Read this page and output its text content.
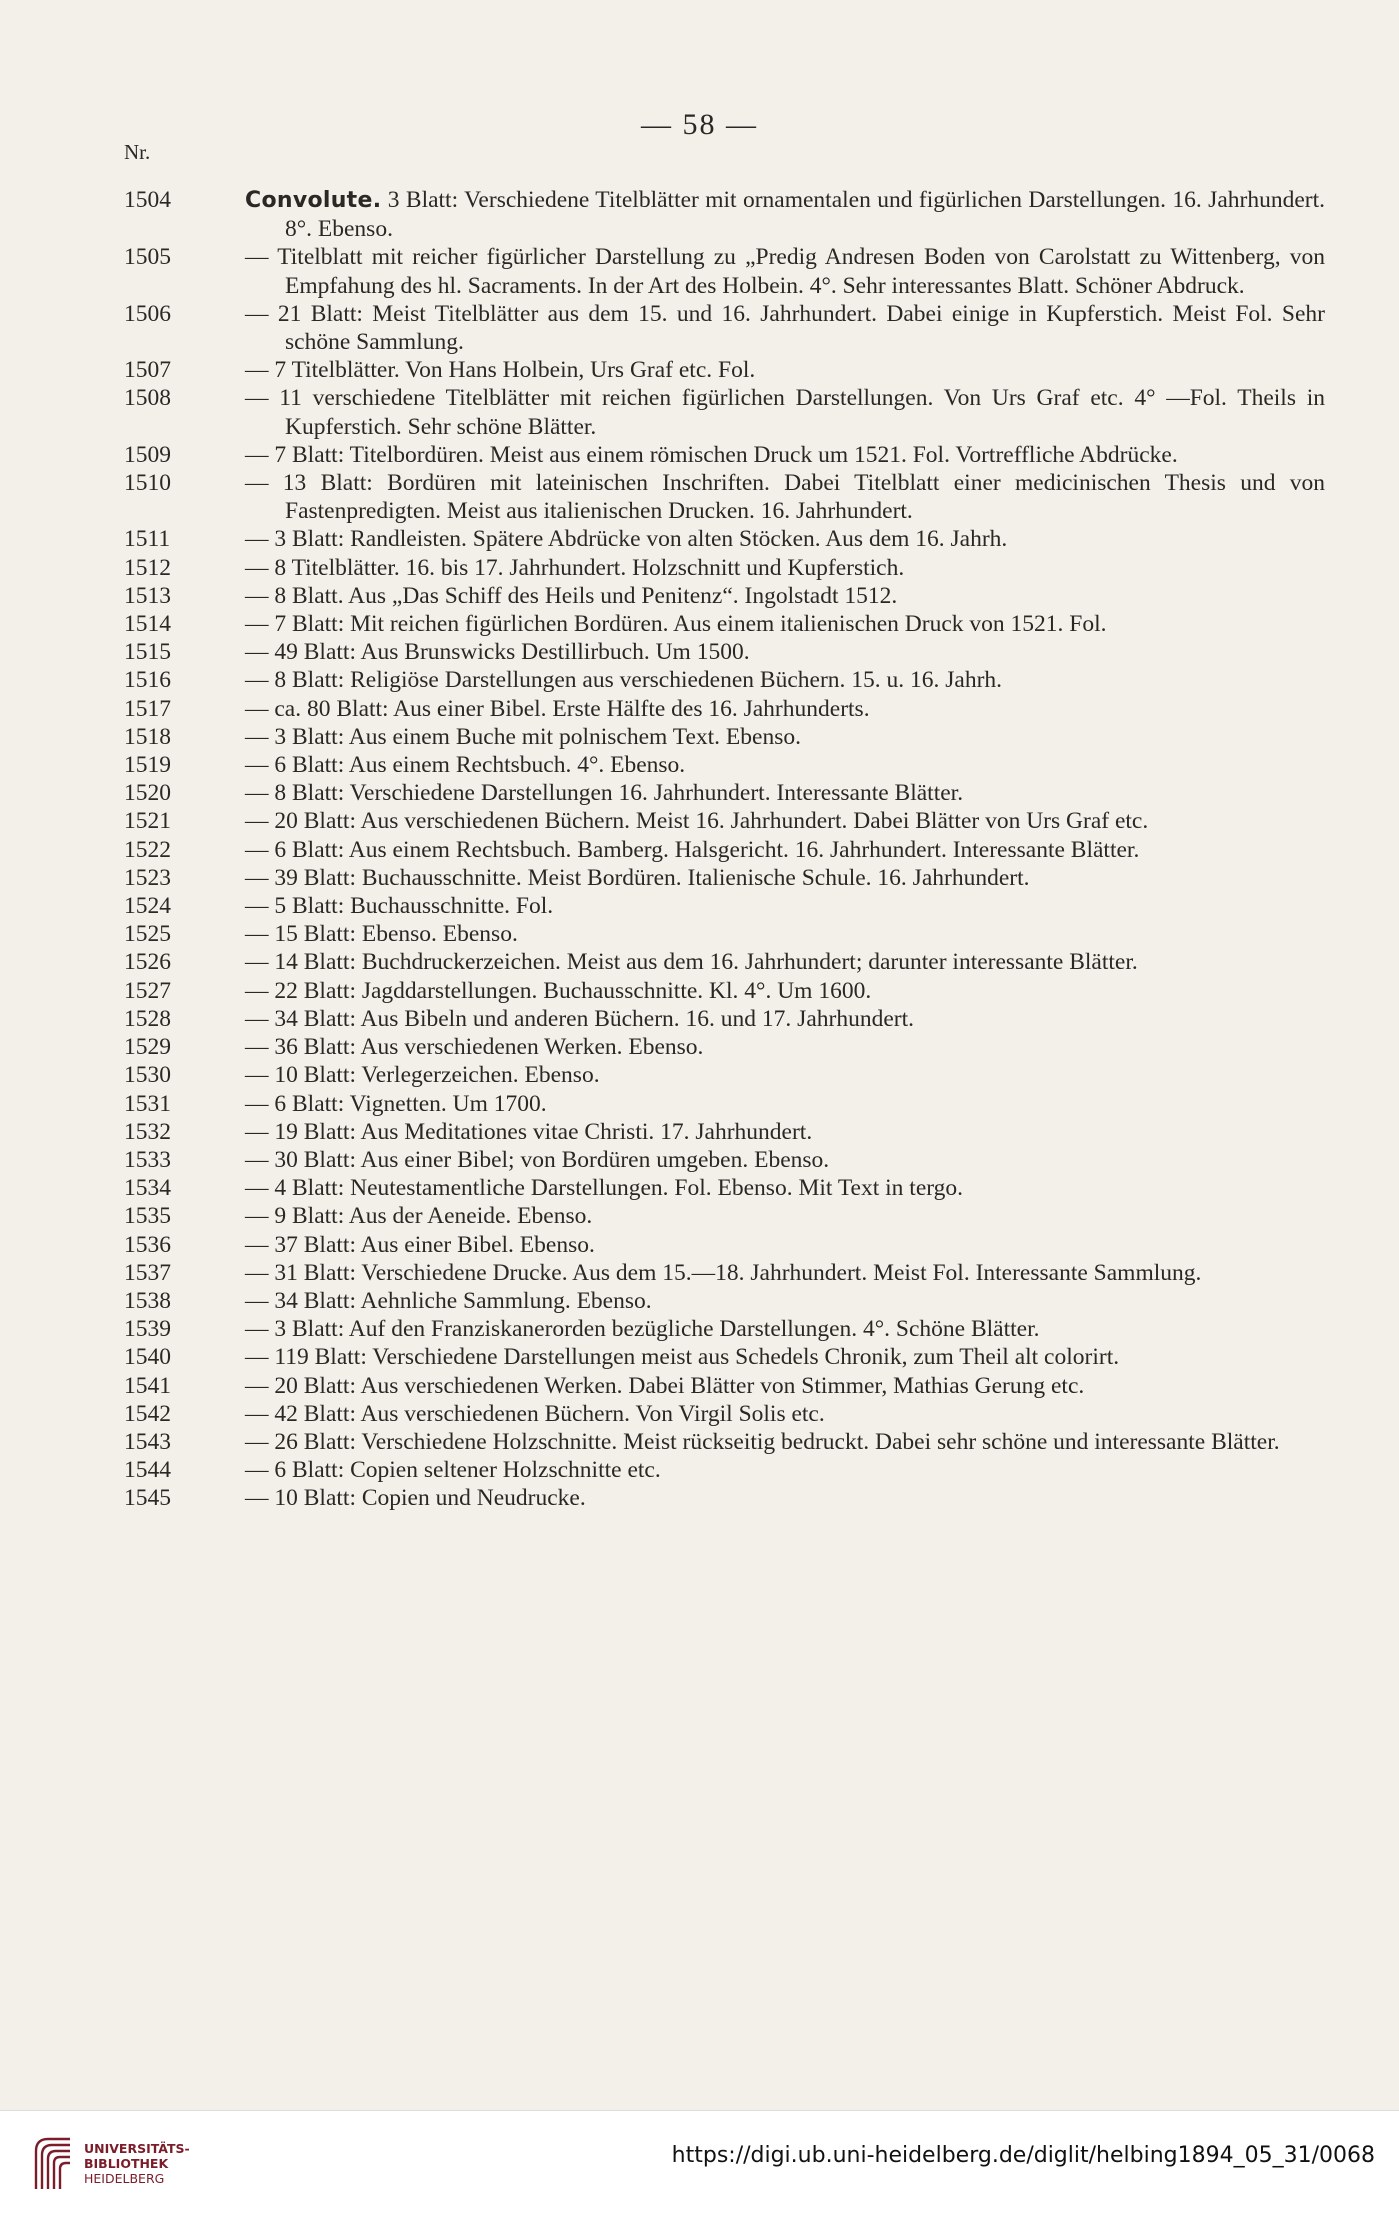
— 58 —
Nr.
1504	Convolute. 3 Blatt: Verschiedene Titelblätter mit ornamentalen und figürlichen Darstellungen. 16. Jahrhundert. 8°. Ebenso.
1505	— Titelblatt mit reicher figürlicher Darstellung zu „Predig Andresen Boden von Carolstatt zu Wittenberg, von Empfahung des hl. Sacraments. In der Art des Holbein. 4°. Sehr interessantes Blatt. Schöner Abdruck.
1506	— 21 Blatt: Meist Titelblätter aus dem 15. und 16. Jahrhundert. Dabei einige in Kupferstich. Meist Fol. Sehr schöne Sammlung.
1507	— 7 Titelblätter. Von Hans Holbein, Urs Graf etc. Fol.
1508	— 11 verschiedene Titelblätter mit reichen figürlichen Darstellungen. Von Urs Graf etc. 4° —Fol. Theils in Kupferstich. Sehr schöne Blätter.
1509	— 7 Blatt: Titelbordüren. Meist aus einem römischen Druck um 1521. Fol. Vortreffliche Abdrücke.
1510	— 13 Blatt: Bordüren mit lateinischen Inschriften. Dabei Titelblatt einer medicinischen Thesis und von Fastenpredigten. Meist aus italienischen Drucken. 16. Jahrhundert.
1511	— 3 Blatt: Randleisten. Spätere Abdrücke von alten Stöcken. Aus dem 16. Jahrh.
1512	— 8 Titelblätter. 16. bis 17. Jahrhundert. Holzschnitt und Kupferstich.
1513	— 8 Blatt. Aus „Das Schiff des Heils und Penitenz“. Ingolstadt 1512.
1514	— 7 Blatt: Mit reichen figürlichen Bordüren. Aus einem italienischen Druck von 1521. Fol.
1515	— 49 Blatt: Aus Brunswicks Destillirbuch. Um 1500.
1516	— 8 Blatt: Religiöse Darstellungen aus verschiedenen Büchern. 15. u. 16. Jahrh.
1517	— ca. 80 Blatt: Aus einer Bibel. Erste Hälfte des 16. Jahrhunderts.
1518	— 3 Blatt: Aus einem Buche mit polnischem Text. Ebenso.
1519	— 6 Blatt: Aus einem Rechtsbuch. 4°. Ebenso.
1520	— 8 Blatt: Verschiedene Darstellungen 16. Jahrhundert. Interessante Blätter.
1521	— 20 Blatt: Aus verschiedenen Büchern. Meist 16. Jahrhundert. Dabei Blätter von Urs Graf etc.
1522	— 6 Blatt: Aus einem Rechtsbuch. Bamberg. Halsgericht. 16. Jahrhundert. Interessante Blätter.
1523	— 39 Blatt: Buchausschnitte. Meist Bordüren. Italienische Schule. 16. Jahrhundert.
1524	— 5 Blatt: Buchausschnitte. Fol.
1525	— 15 Blatt: Ebenso. Ebenso.
1526	— 14 Blatt: Buchdruckerzeichen. Meist aus dem 16. Jahrhundert; darunter interessante Blätter.
1527	— 22 Blatt: Jagddarstellungen. Buchausschnitte. Kl. 4°. Um 1600.
1528	— 34 Blatt: Aus Bibeln und anderen Büchern. 16. und 17. Jahrhundert.
1529	— 36 Blatt: Aus verschiedenen Werken. Ebenso.
1530	— 10 Blatt: Verlegerzeichen. Ebenso.
1531	— 6 Blatt: Vignetten. Um 1700.
1532	— 19 Blatt: Aus Meditationes vitae Christi. 17. Jahrhundert.
1533	— 30 Blatt: Aus einer Bibel; von Bordüren umgeben. Ebenso.
1534	— 4 Blatt: Neutestamentliche Darstellungen. Fol. Ebenso. Mit Text in tergo.
1535	— 9 Blatt: Aus der Aeneide. Ebenso.
1536	— 37 Blatt: Aus einer Bibel. Ebenso.
1537	— 31 Blatt: Verschiedene Drucke. Aus dem 15.—18. Jahrhundert. Meist Fol. Interessante Sammlung.
1538	— 34 Blatt: Aehnliche Sammlung. Ebenso.
1539	— 3 Blatt: Auf den Franziskanerorden bezügliche Darstellungen. 4°. Schöne Blätter.
1540	— 119 Blatt: Verschiedene Darstellungen meist aus Schedels Chronik, zum Theil alt colorirt.
1541	— 20 Blatt: Aus verschiedenen Werken. Dabei Blätter von Stimmer, Mathias Gerung etc.
1542	— 42 Blatt: Aus verschiedenen Büchern. Von Virgil Solis etc.
1543	— 26 Blatt: Verschiedene Holzschnitte. Meist rückseitig bedruckt. Dabei sehr schöne und interessante Blätter.
1544	— 6 Blatt: Copien seltener Holzschnitte etc.
1545	— 10 Blatt: Copien und Neudrucke.
UNIVERSITÄTS-
BIBLIOTHEK
HEIDELBERG
https://digi.ub.uni-heidelberg.de/diglit/helbing1894_05_31/0068
